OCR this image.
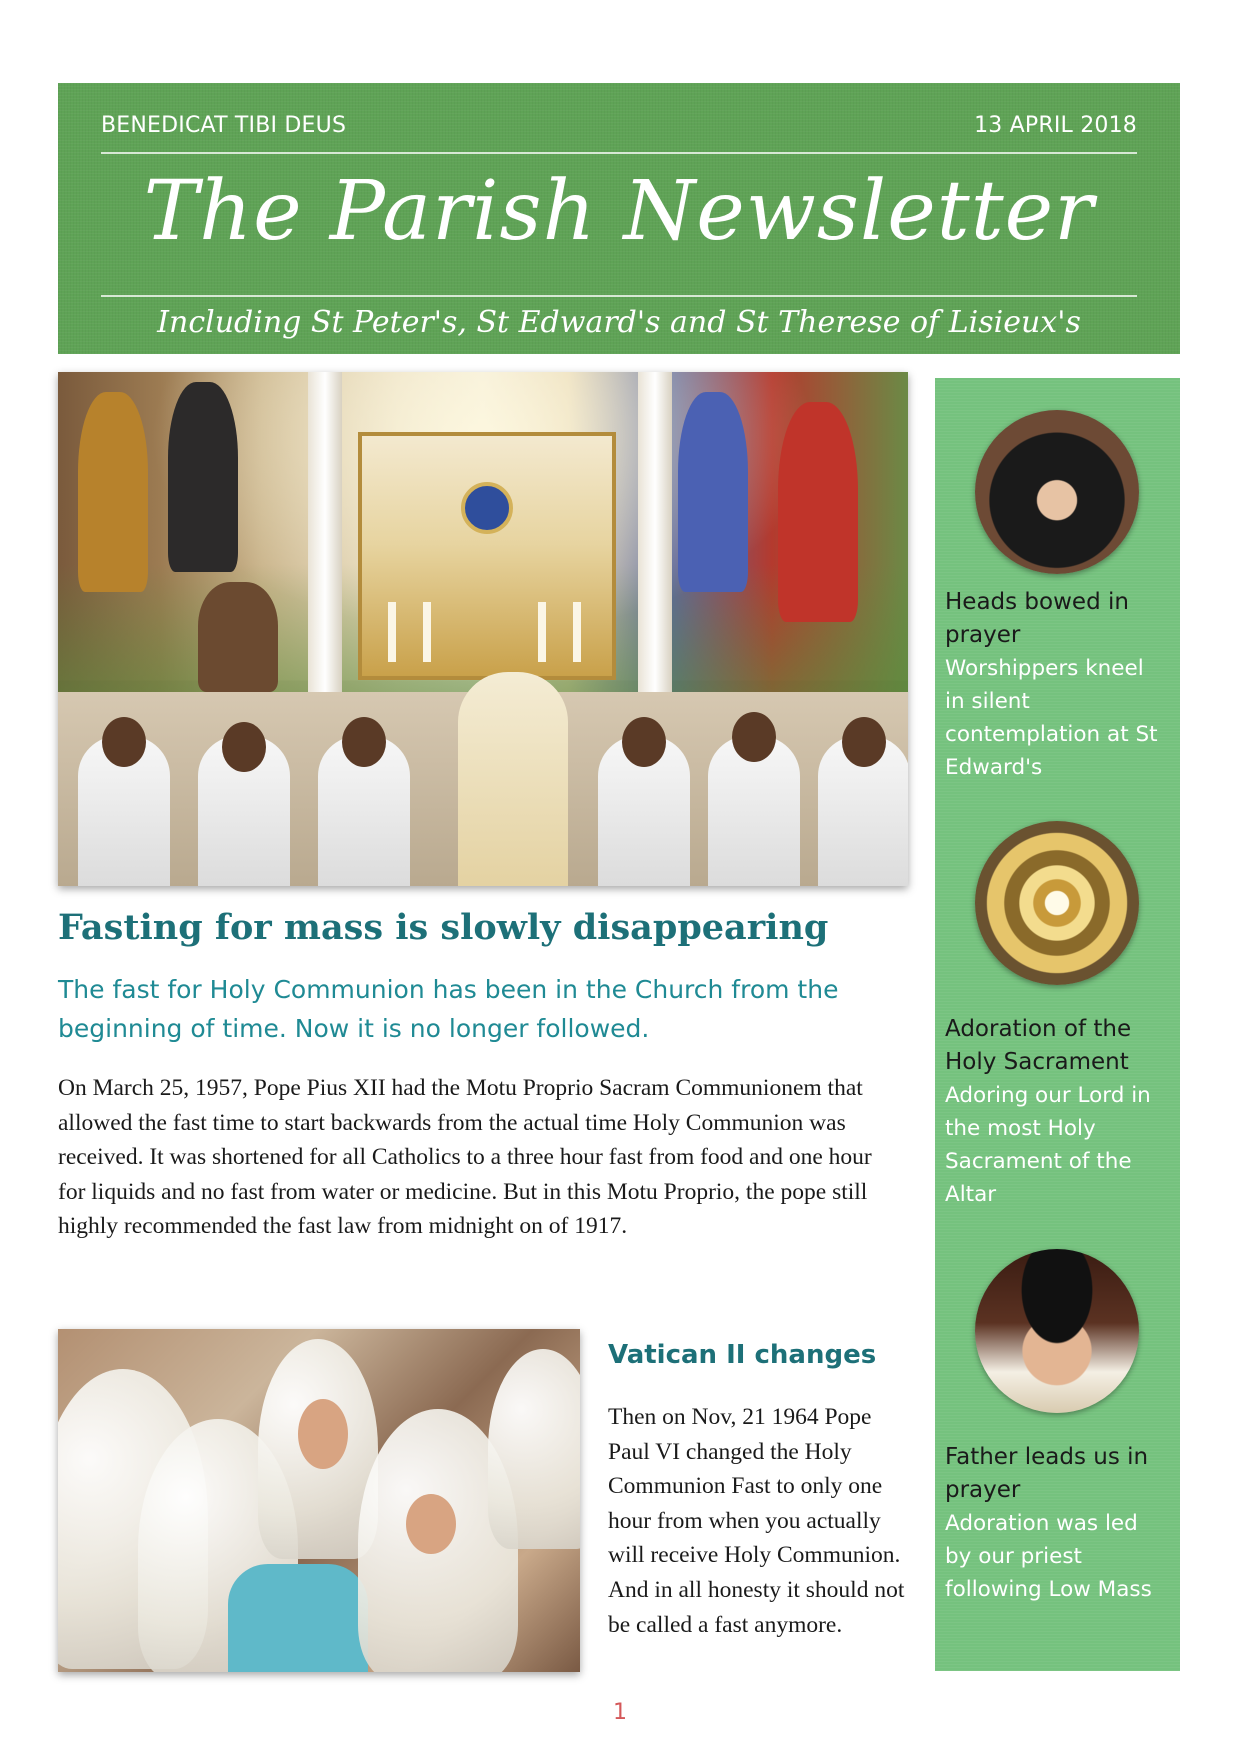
BENEDICAT TIBI DEUS	13 APRIL 2018
The Parish Newsletter
Including St Peter's, St Edward's and St Therese of Lisieux's
Fasting for mass is slowly disappearing

The fast for Holy Communion has been in the Church from the beginning of time. Now it is no longer followed.

On March 25, 1957, Pope Pius XII had the Motu Proprio Sacram Communionem that allowed the fast time to start backwards from the actual time Holy Communion was received. It was shortened for all Catholics to a three hour fast from food and one hour for liquids and no fast from water or medicine. But in this Motu Proprio, the pope still highly recommended the fast law from midnight on of 1917.

Vatican II changes

Then on Nov, 21 1964 Pope Paul VI changed the Holy Communion Fast to only one hour from when you actually will receive Holy Communion. And in all honesty it should not be called a fast anymore.

Heads bowed in prayer

Worshippers kneel in silent contemplation at St Edward's

Adoration of the Holy Sacrament

Adoring our Lord in the most Holy Sacrament of the Altar

Father leads us in prayer

Adoration was led by our priest following Low Mass

1
